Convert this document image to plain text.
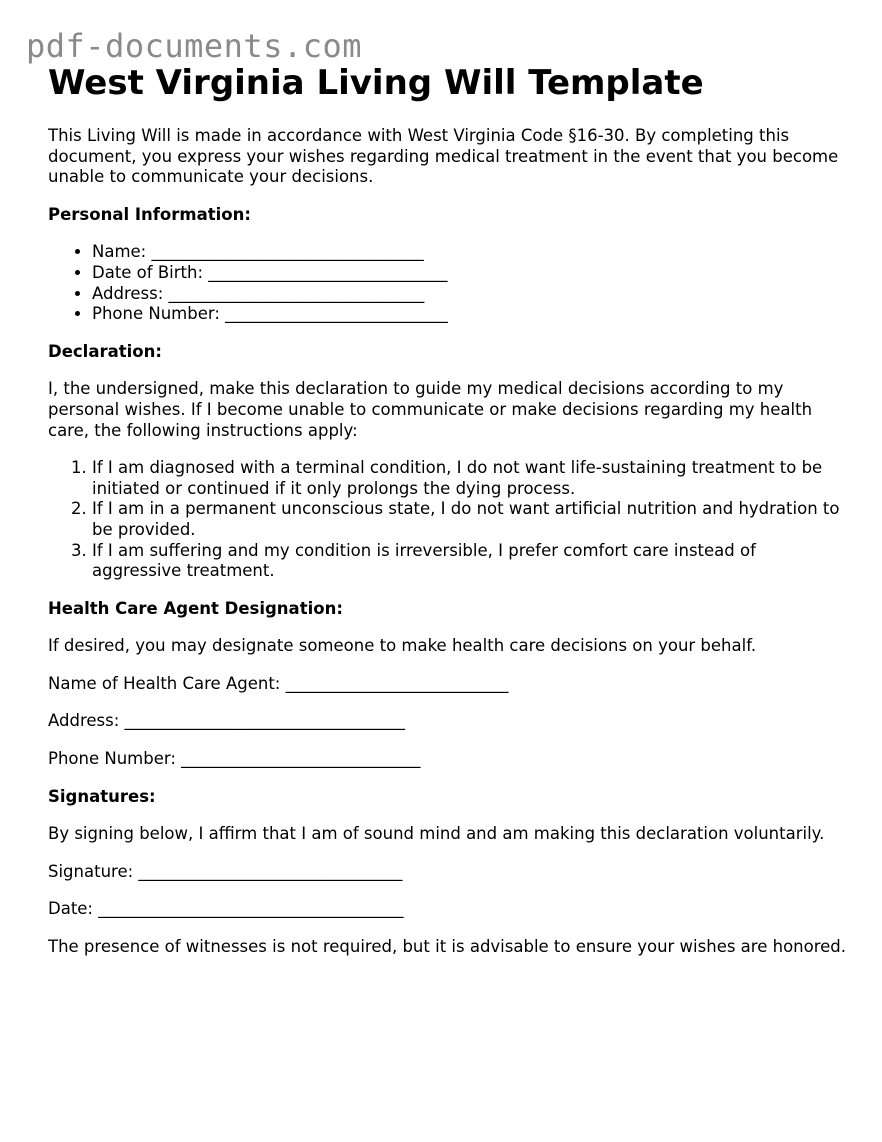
pdf-documents.com
West Virginia Living Will Template

This Living Will is made in accordance with West Virginia Code §16-30. By completing this document, you express your wishes regarding medical treatment in the event that you become unable to communicate your decisions.

Personal Information:

• Name: _________________________________
• Date of Birth: _____________________________
• Address: _______________________________
• Phone Number: ___________________________

Declaration:

I, the undersigned, make this declaration to guide my medical decisions according to my personal wishes. If I become unable to communicate or make decisions regarding my health care, the following instructions apply:

1. If I am diagnosed with a terminal condition, I do not want life-sustaining treatment to be initiated or continued if it only prolongs the dying process.
2. If I am in a permanent unconscious state, I do not want artificial nutrition and hydration to be provided.
3. If I am suffering and my condition is irreversible, I prefer comfort care instead of aggressive treatment.

Health Care Agent Designation:

If desired, you may designate someone to make health care decisions on your behalf.

Name of Health Care Agent: ___________________________

Address: __________________________________

Phone Number: _____________________________

Signatures:

By signing below, I affirm that I am of sound mind and am making this declaration voluntarily.

Signature: ________________________________

Date: _____________________________________

The presence of witnesses is not required, but it is advisable to ensure your wishes are honored.
